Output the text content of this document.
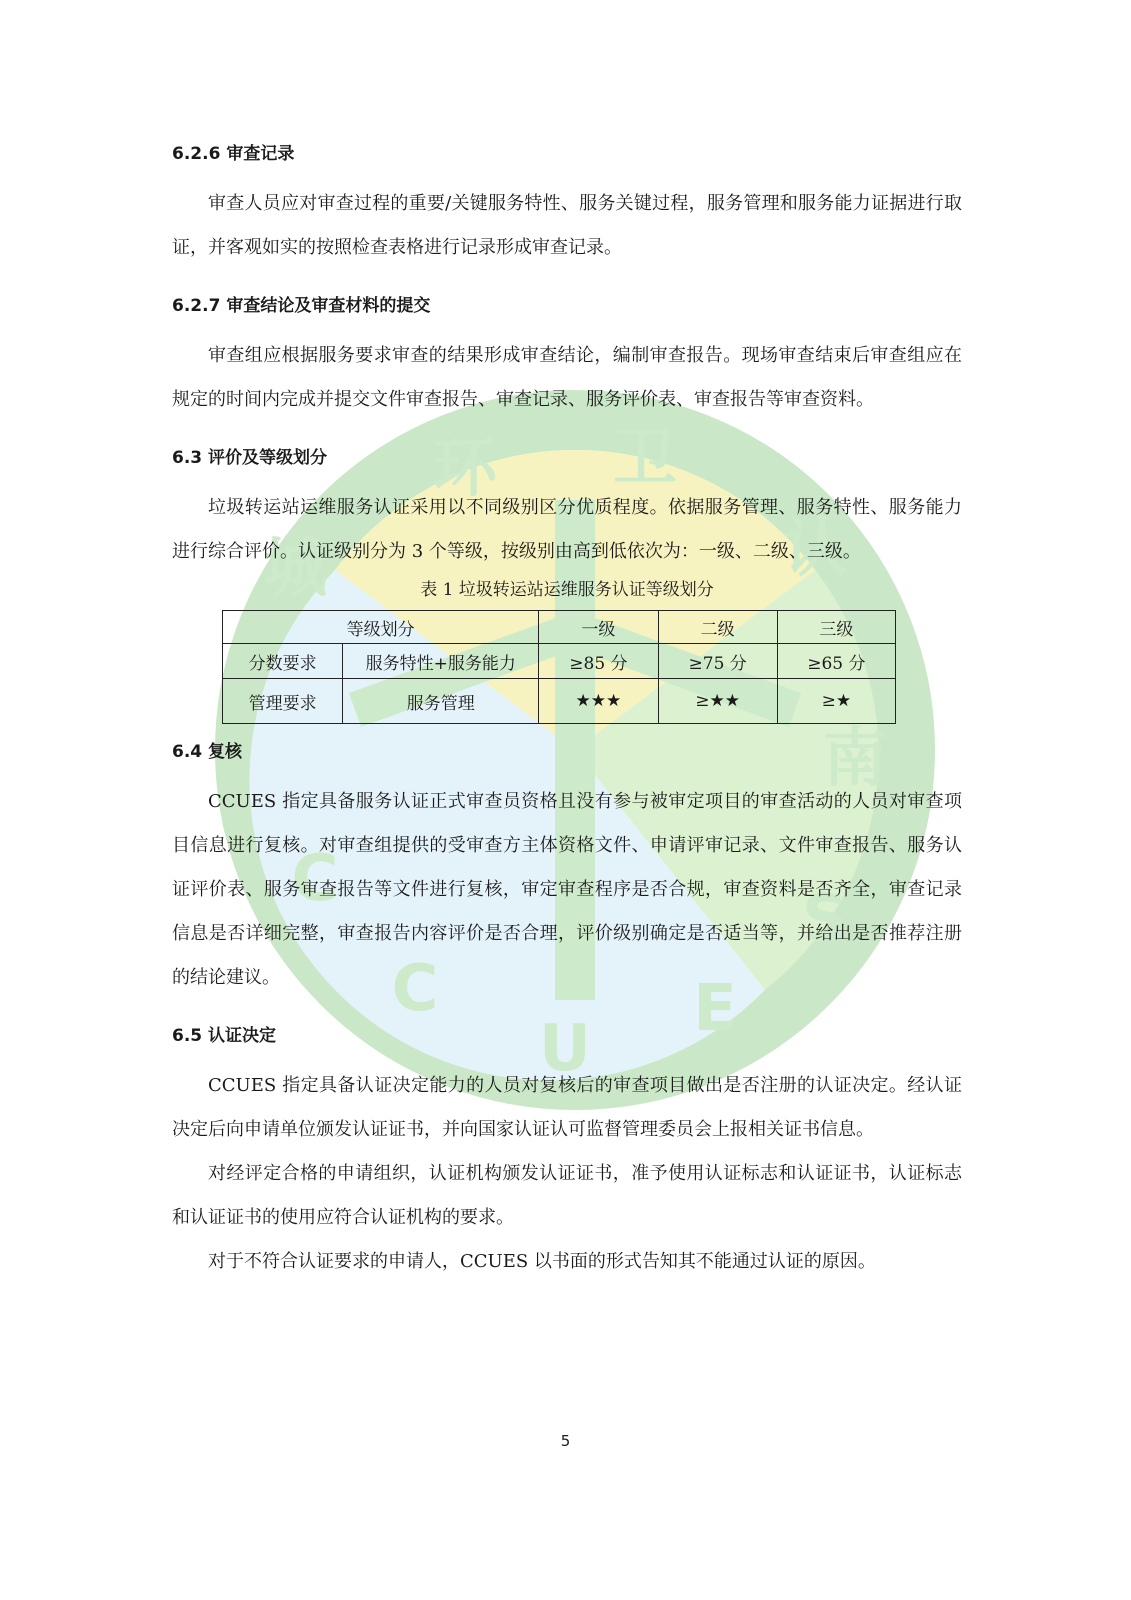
城
环 卫
认
南
C
C
U
E
S
6.2.6 审查记录

审查人员应对审查过程的重要/关键服务特性、服务关键过程，服务管理和服务能力证据进行取证，并客观如实的按照检查表格进行记录形成审查记录。

6.2.7 审查结论及审查材料的提交

审查组应根据服务要求审查的结果形成审查结论，编制审查报告。现场审查结束后审查组应在规定的时间内完成并提交文件审查报告、审查记录、服务评价表、审查报告等审查资料。

6.3 评价及等级划分

垃圾转运站运维服务认证采用以不同级别区分优质程度。依据服务管理、服务特性、服务能力进行综合评价。认证级别分为 3 个等级，按级别由高到低依次为：一级、二级、三级。

表 1 垃圾转运站运维服务认证等级划分

等级划分		一级	二级	三级
分数要求	服务特性+服务能力	≥85 分	≥75 分	≥65 分
管理要求	服务管理	★★★	≥★★	≥★
6.4 复核

CCUES 指定具备服务认证正式审查员资格且没有参与被审定项目的审查活动的人员对审查项目信息进行复核。对审查组提供的受审查方主体资格文件、申请评审记录、文件审查报告、服务认证评价表、服务审查报告等文件进行复核，审定审查程序是否合规，审查资料是否齐全，审查记录信息是否详细完整，审查报告内容评价是否合理，评价级别确定是否适当等，并给出是否推荐注册的结论建议。

6.5 认证决定

CCUES 指定具备认证决定能力的人员对复核后的审查项目做出是否注册的认证决定。经认证决定后向申请单位颁发认证证书，并向国家认证认可监督管理委员会上报相关证书信息。

对经评定合格的申请组织，认证机构颁发认证证书，准予使用认证标志和认证证书，认证标志和认证证书的使用应符合认证机构的要求。

对于不符合认证要求的申请人，CCUES 以书面的形式告知其不能通过认证的原因。

5
